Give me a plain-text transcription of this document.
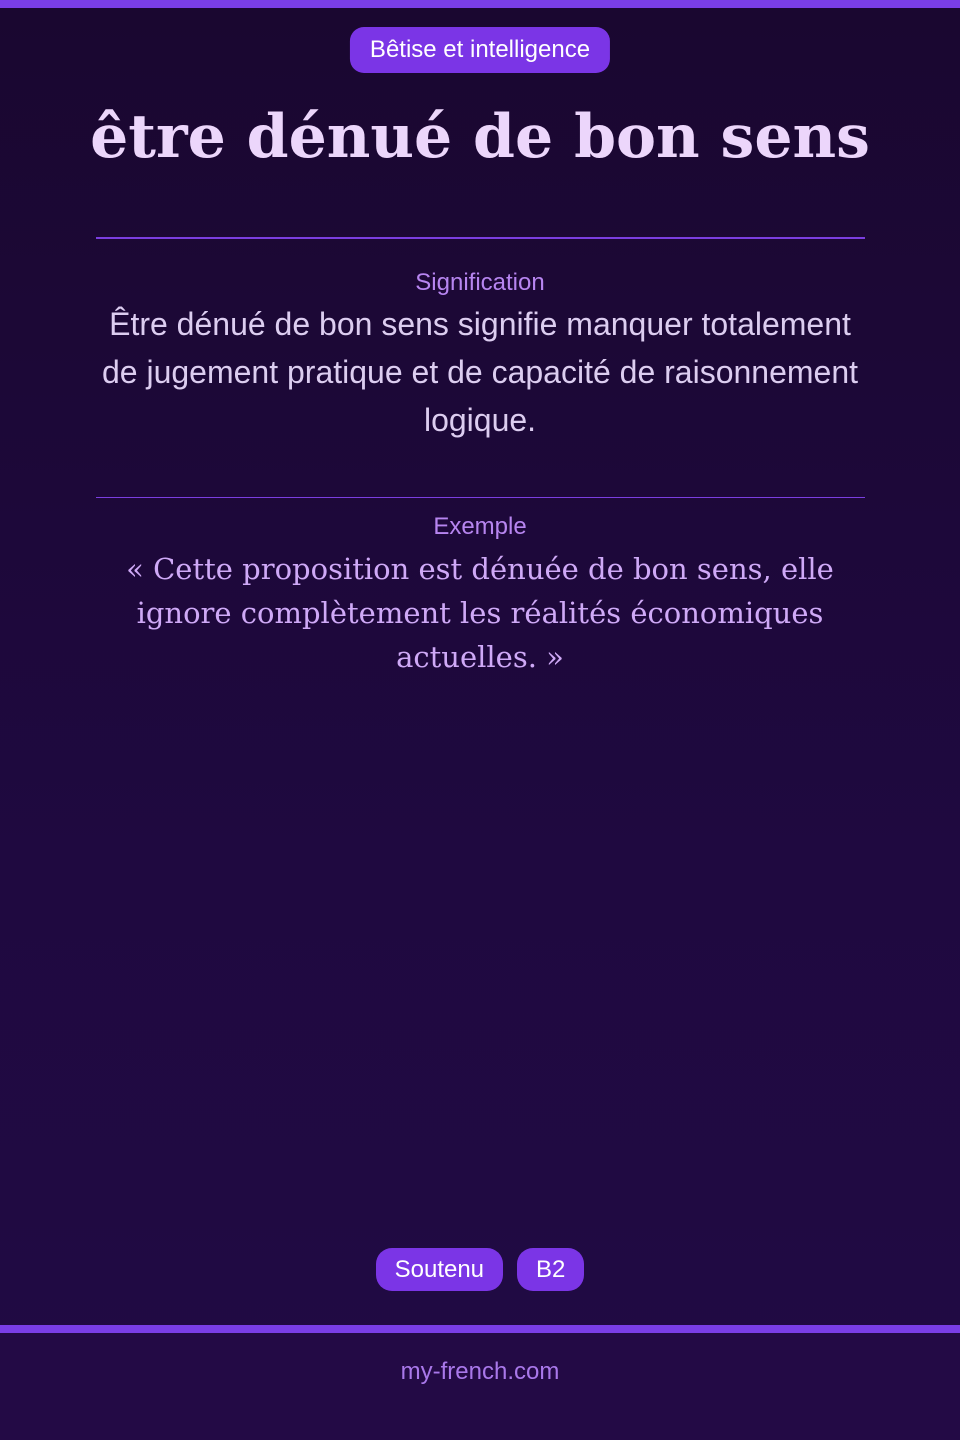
Bêtise et intelligence
être dénué de bon sens
Signification
Être dénué de bon sens signifie manquer totalement de jugement pratique et de capacité de raisonnement logique.
Exemple
« Cette proposition est dénuée de bon sens, elle ignore complètement les réalités économiques actuelles. »
Soutenu	B2
my-french.com
